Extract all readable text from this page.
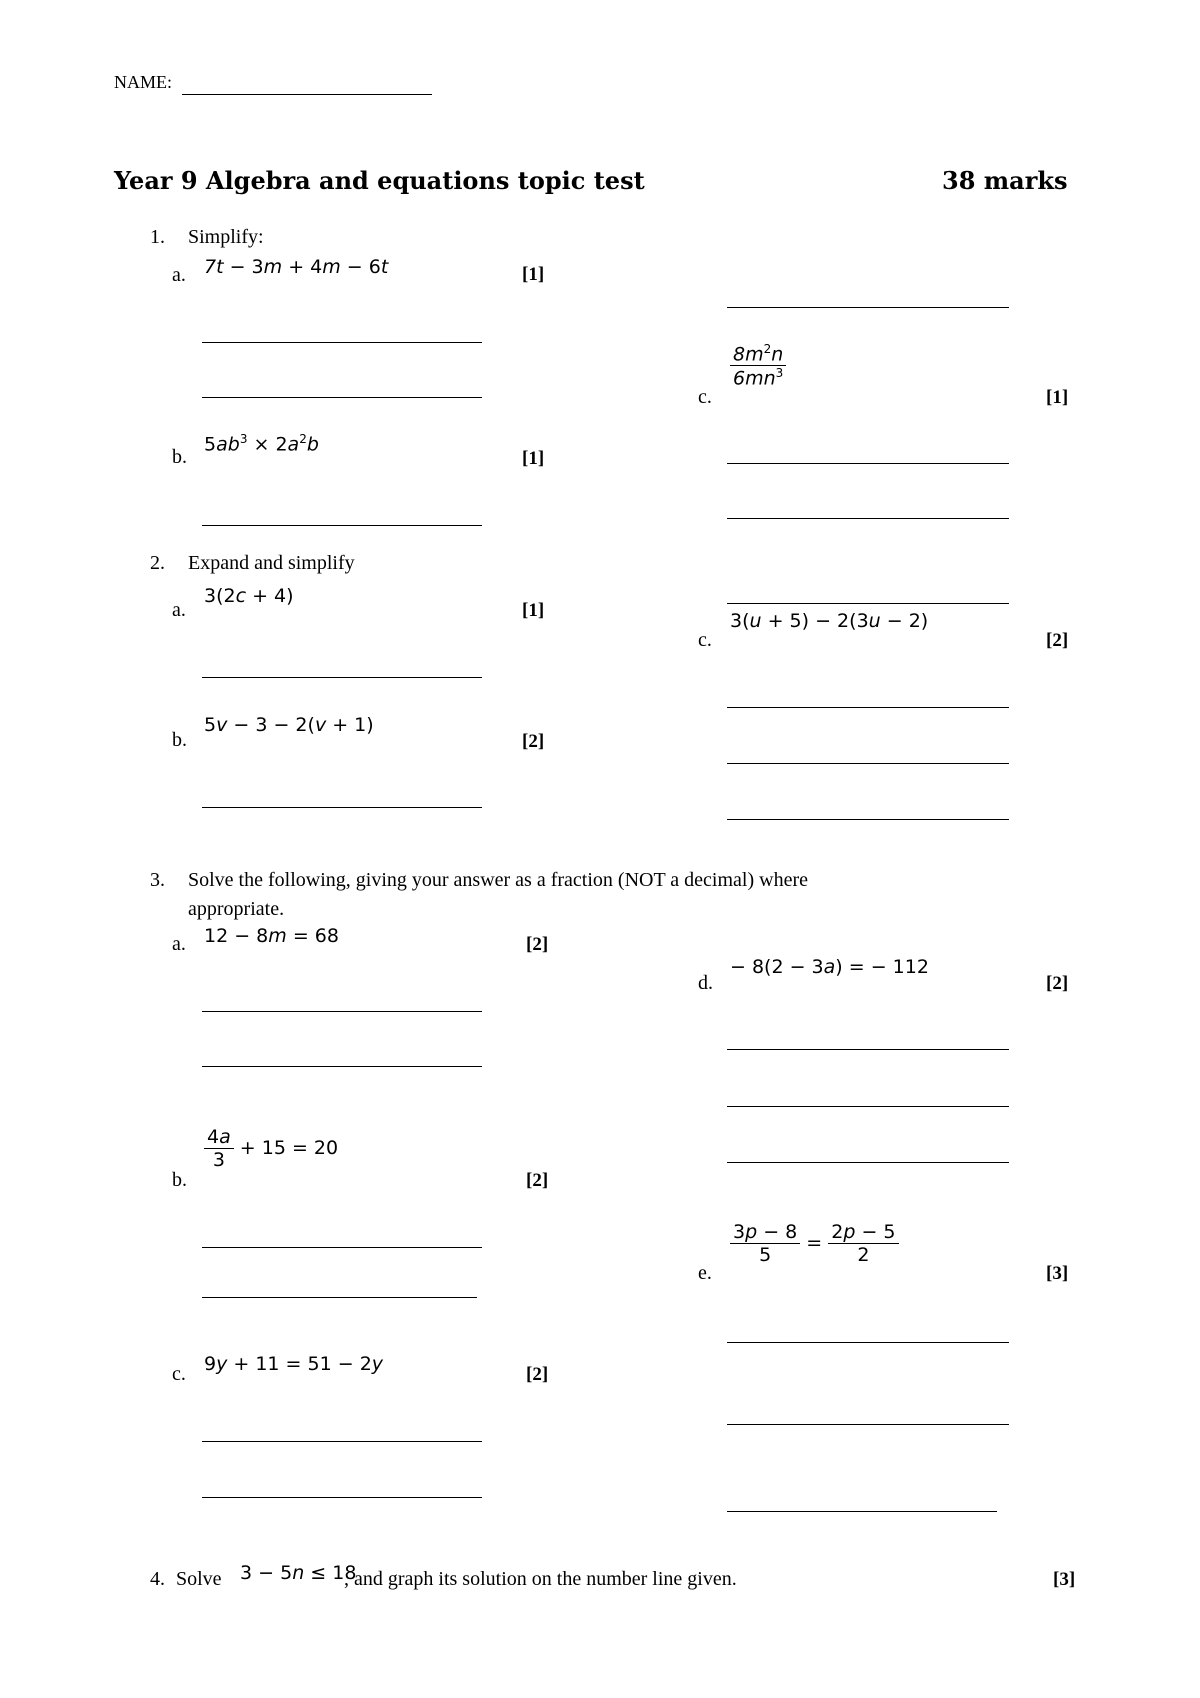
NAME:
Year 9 Algebra and equations topic test	38 marks
1. Simplify:
a. 7t − 3m + 4m − 6t	[1]
b.
$5ab^3 \times 2a^2b$
[1]
c.
$\frac{8m^2n}{6mn^3}$
[1]
2. Expand and simplify
a.
3(2c + 4)
[1]
b.
5v − 3 − 2(v + 1)
[2]
c.
3(u + 5) − 2(3u − 2)
[2]
3. Solve the following, giving your answer as a fraction (NOT a decimal) where
appropriate.
a. 12 − 8m = 68	[2]
b.
$\frac{4a}{3} + 15 = 20$
[2]
c. 9y + 11 = 51 − 2y	[2]
d.
− 8(2 − 3a) = − 112
[2]
e.
$\frac{3p - 8}{5} = \frac{2p - 5}{2}$
[3]
4. Solve 3 − 5n ≤ 18
, and graph its solution on the number line given.	[3]
